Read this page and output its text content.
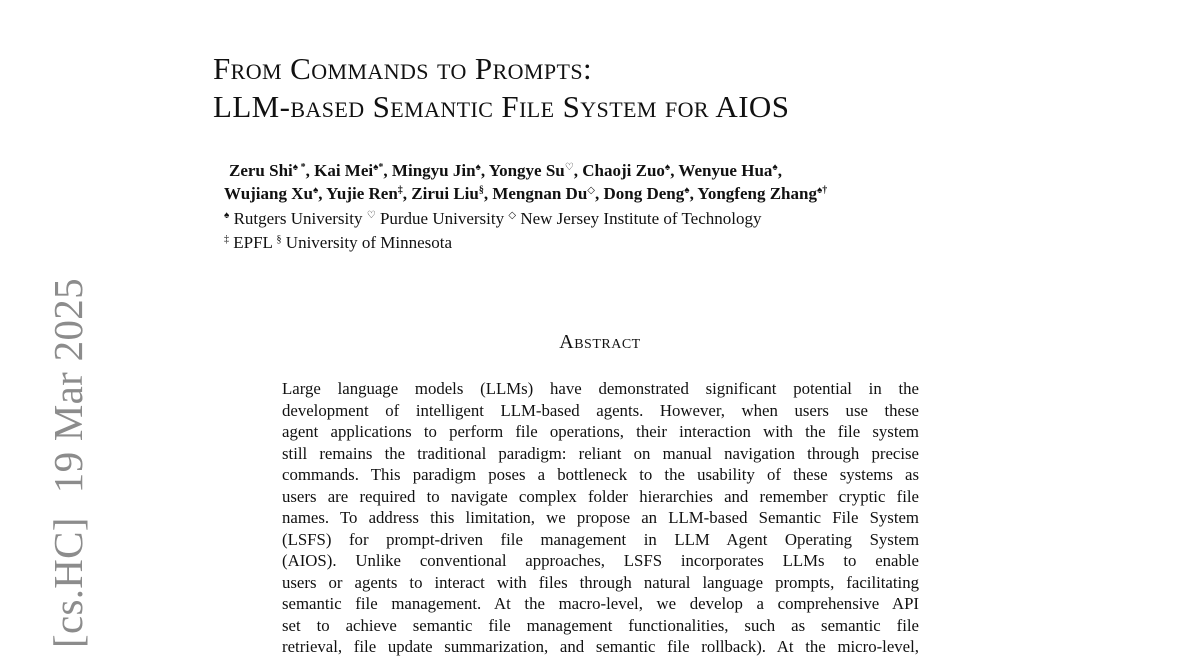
[cs.HC]19 Mar 2025
From Commands to Prompts:
LLM-based Semantic File System for AIOS
Zeru Shi♠ *, Kai Mei♠*, Mingyu Jin♠, Yongye Su♡, Chaoji Zuo♠, Wenyue Hua♠,
Wujiang Xu♠, Yujie Ren‡, Zirui Liu§, Mengnan Du◇, Dong Deng♠, Yongfeng Zhang♠†
♠ Rutgers University ♡ Purdue University ◇ New Jersey Institute of Technology
‡ EPFL § University of Minnesota
Abstract
Large language models (LLMs) have demonstrated significant potential in the
development of intelligent LLM-based agents. However, when users use these
agent applications to perform file operations, their interaction with the file system
still remains the traditional paradigm: reliant on manual navigation through precise
commands. This paradigm poses a bottleneck to the usability of these systems as
users are required to navigate complex folder hierarchies and remember cryptic file
names. To address this limitation, we propose an LLM-based Semantic File System
(LSFS) for prompt-driven file management in LLM Agent Operating System
(AIOS). Unlike conventional approaches, LSFS incorporates LLMs to enable
users or agents to interact with files through natural language prompts, facilitating
semantic file management. At the macro-level, we develop a comprehensive API
set to achieve semantic file management functionalities, such as semantic file
retrieval, file update summarization, and semantic file rollback). At the micro-level,
